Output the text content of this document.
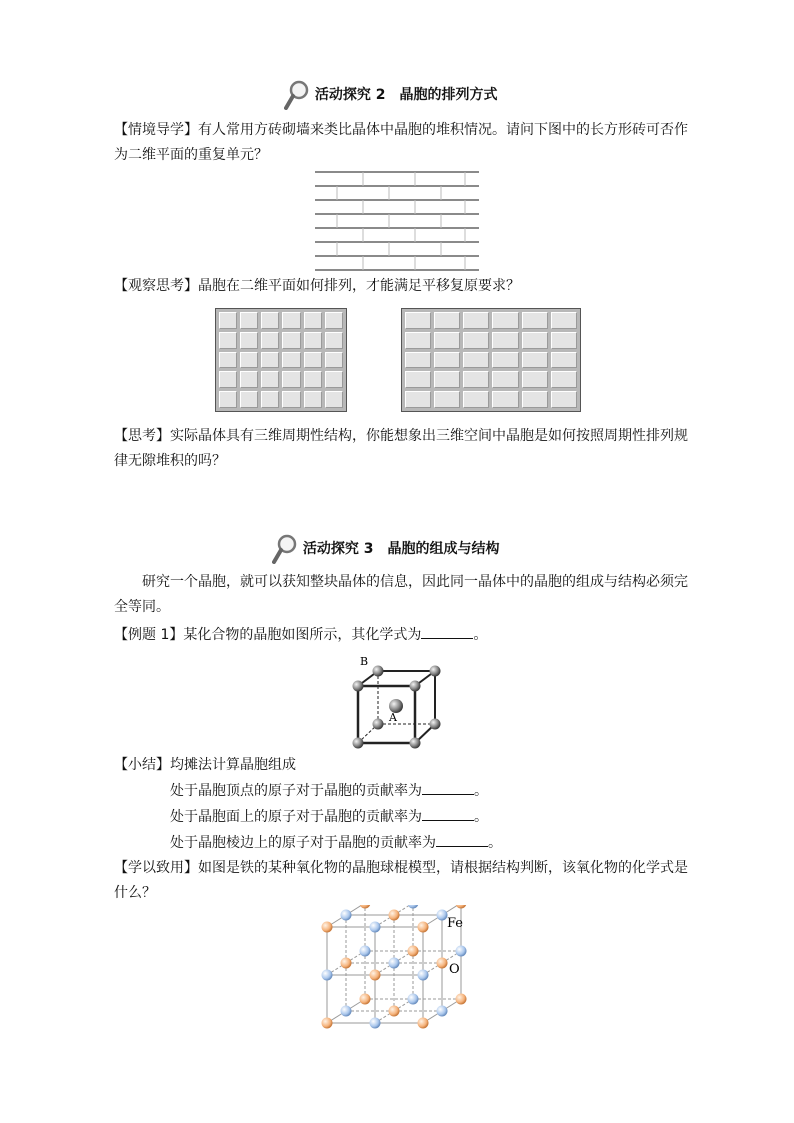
活动探究 2　晶胞的排列方式
【情境导学】有人常用方砖砌墙来类比晶体中晶胞的堆积情况。请问下图中的长方形砖可否作为二维平面的重复单元？
【观察思考】晶胞在二维平面如何排列，才能满足平移复原要求？
【思考】实际晶体具有三维周期性结构，你能想象出三维空间中晶胞是如何按照周期性排列规律无隙堆积的吗？
活动探究 3　晶胞的组成与结构
研究一个晶胞，就可以获知整块晶体的信息，因此同一晶体中的晶胞的组成与结构必须完全等同。
【例题 1】某化合物的晶胞如图所示，其化学式为	。
B
A
【小结】均摊法计算晶胞组成
处于晶胞顶点的原子对于晶胞的贡献率为	。
处于晶胞面上的原子对于晶胞的贡献率为	。
处于晶胞棱边上的原子对于晶胞的贡献率为	。
【学以致用】如图是铁的某种氧化物的晶胞球棍模型，请根据结构判断，该氧化物的化学式是什么？
Fe
O
